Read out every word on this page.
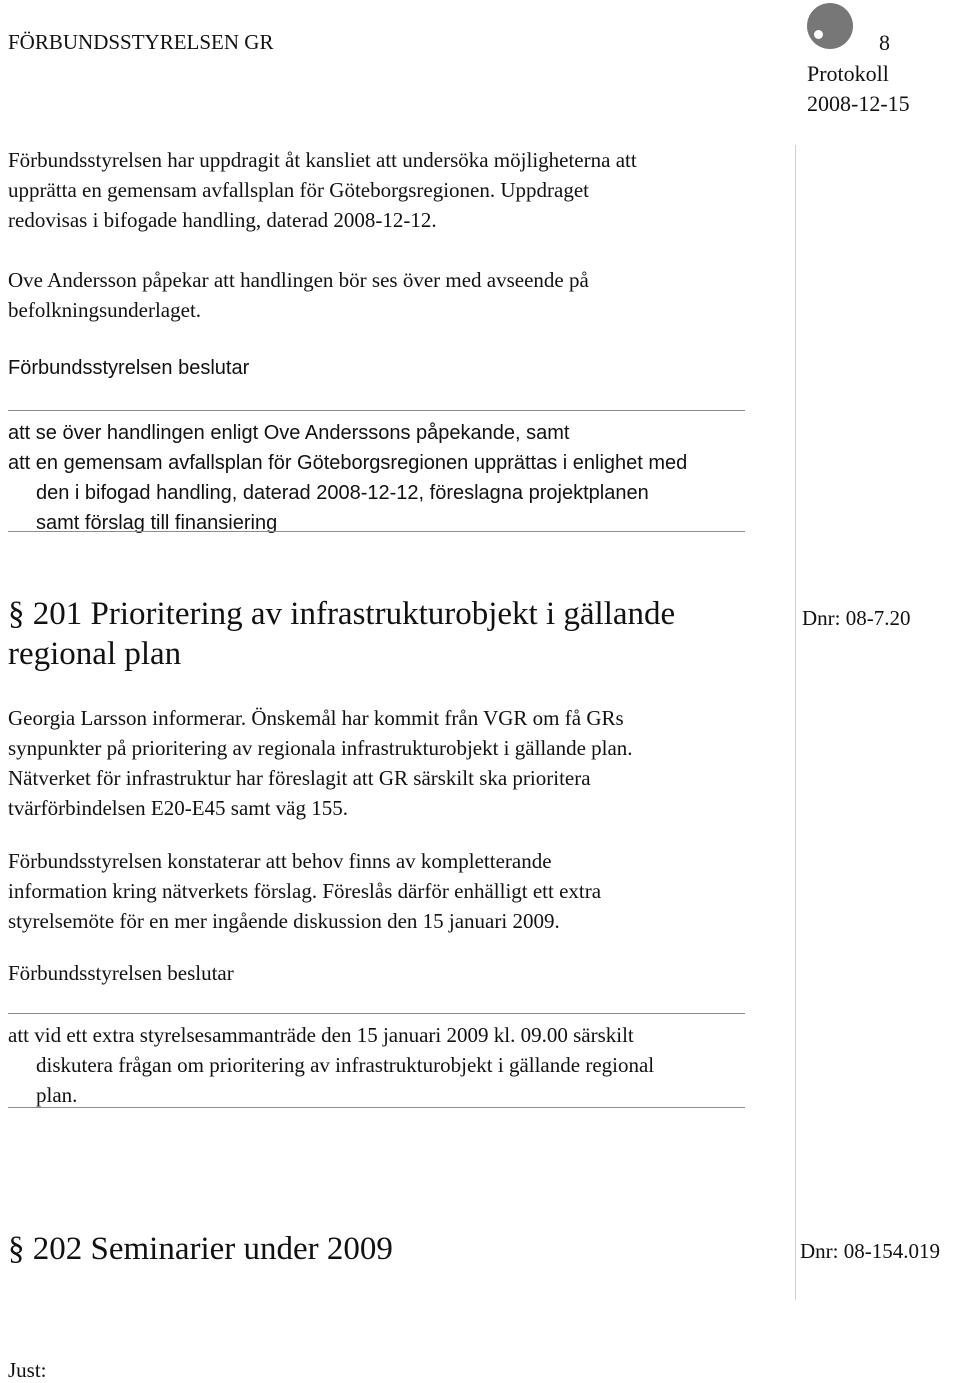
FÖRBUNDSSTYRELSEN GR	8
Protokoll
2008-12-15
Förbundsstyrelsen har uppdragit åt kansliet att undersöka möjligheterna att
upprätta en gemensam avfallsplan för Göteborgsregionen. Uppdraget
redovisas i bifogade handling, daterad 2008-12-12.
Ove Andersson påpekar att handlingen bör ses över med avseende på
befolkningsunderlaget.
Förbundsstyrelsen beslutar
att se över handlingen enligt Ove Anderssons påpekande, samt
att en gemensam avfallsplan för Göteborgsregionen upprättas i enlighet med
den i bifogad handling, daterad 2008-12-12, föreslagna projektplanen
samt förslag till finansiering
§ 201 Prioritering av infrastrukturobjekt i gällande
regional plan
Dnr: 08-7.20
Georgia Larsson informerar. Önskemål har kommit från VGR om få GRs
synpunkter på prioritering av regionala infrastrukturobjekt i gällande plan.
Nätverket för infrastruktur har föreslagit att GR särskilt ska prioritera
tvärförbindelsen E20-E45 samt väg 155.
Förbundsstyrelsen konstaterar att behov finns av kompletterande
information kring nätverkets förslag. Föreslås därför enhälligt ett extra
styrelsemöte för en mer ingående diskussion den 15 januari 2009.
Förbundsstyrelsen beslutar
att vid ett extra styrelsesammanträde den 15 januari 2009 kl. 09.00 särskilt
diskutera frågan om prioritering av infrastrukturobjekt i gällande regional
plan.
§ 202 Seminarier under 2009	Dnr: 08-154.019
Just:
